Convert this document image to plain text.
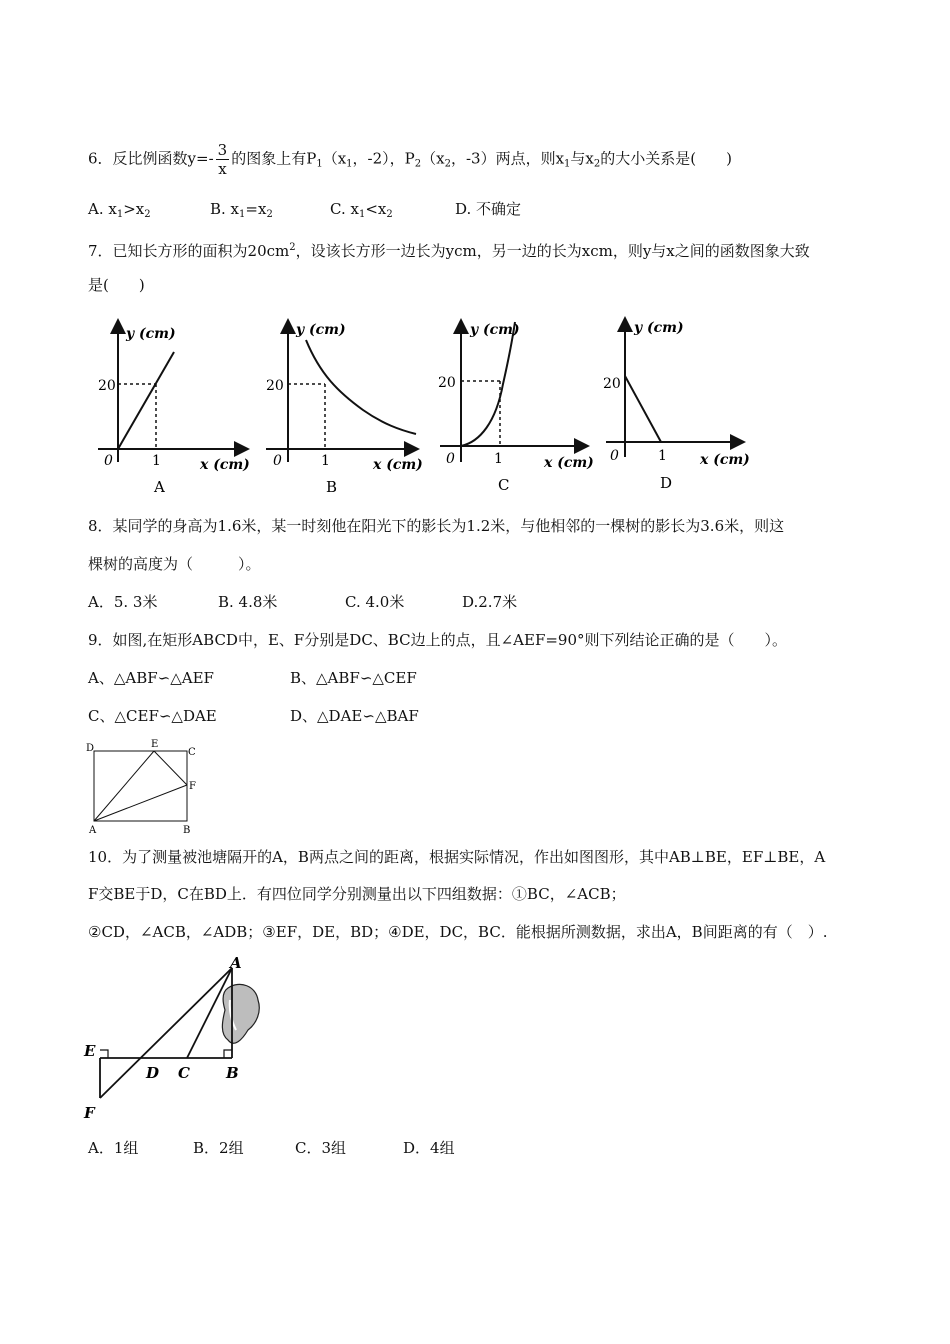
6．反比例函数$y=- \frac{3}{x}$ 的图象上有$P_1(x_1$，-2），$P_2(x_2$，-3）两点，则$x_1$与$x_2$的大小关系是(　　)
A. $x_1>x_2$	B. $x_1=x_2$	C. $x_1<x_2$	D. 不确定
7．已知长方形的面积为$20cm^2$，设该长方形一边长为ycm，另一边的长为xcm，则y与x之间的函数图象大致
是(　　)
y (cm)
20
0	1	x (cm)
A
y (cm)
20
0	1	x (cm)
B
y (cm)
20
0	1	x (cm)
C
y (cm)
20
0	1 x (cm)
D
8．某同学的身高为1.6米，某一时刻他在阳光下的影长为1.2米，与他相邻的一棵树的影长为3.6米，则这
棵树的高度为（　　　）。
A．5. 3米	B. 4.8米	C. 4.0米	D.2.7米
9．如图,在矩形ABCD中，E、F分别是DC、BC边上的点，且∠AEF=90°则下列结论正确的是（　　）。
A、△ABF∽△AEF	B、△ABF∽△CEF
C、△CEF∽△DAE	D、△DAE∽△BAF
D	E
C
F
A	B
10．为了测量被池塘隔开的A，B两点之间的距离，根据实际情况，作出如图图形，其中AB⊥BE，EF⊥BE，A
F交BE于D，C在BD上．有四位同学分别测量出以下四组数据：①BC，∠ACB；
②CD，∠ACB，∠ADB；③EF，DE，BD；④DE，DC，BC．能根据所测数据，求出A，B间距离的有（　）.
A
E
D C B
F
A．1组	B．2组	C．3组	D．4组
